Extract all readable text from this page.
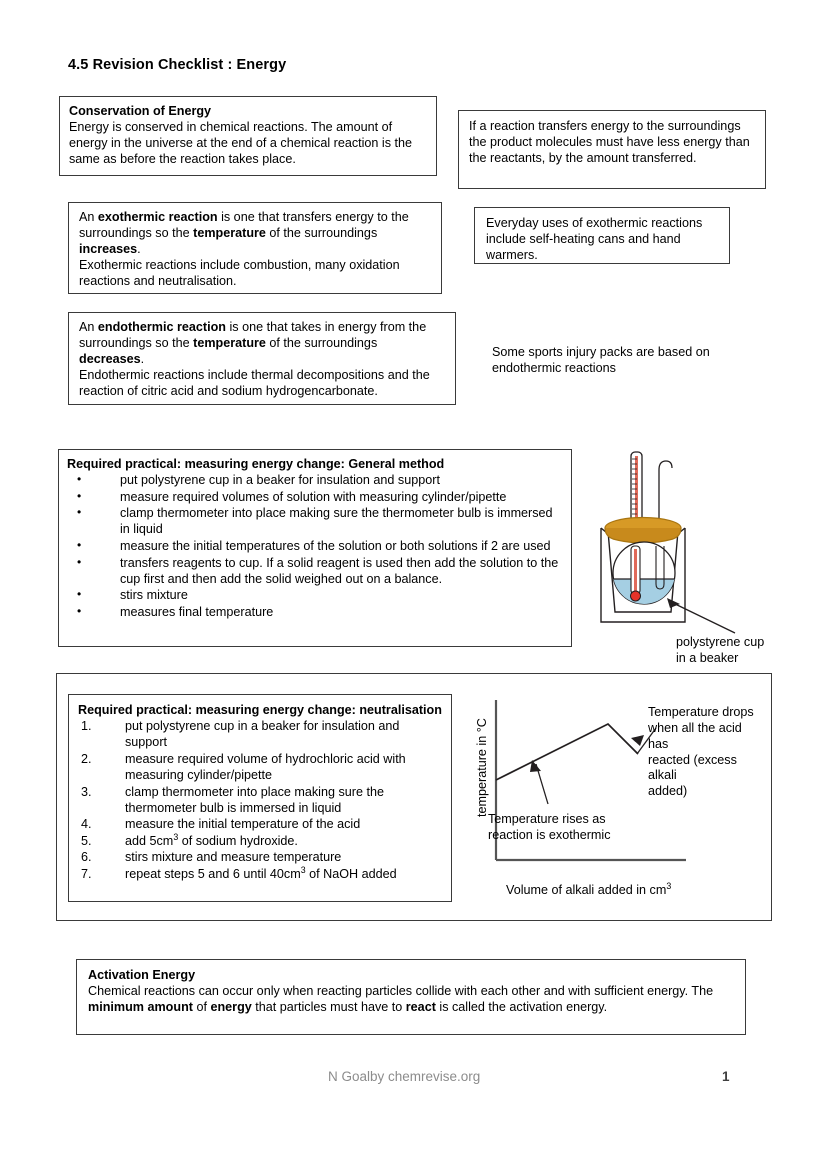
4.5 Revision Checklist : Energy
Conservation of Energy
Energy is conserved in chemical reactions. The amount of energy in the universe at the end of a chemical reaction is the same as before the reaction takes place.
If a reaction transfers energy to the surroundings the product molecules must have less energy than the reactants, by the amount transferred.
An exothermic reaction is one that transfers energy to the surroundings so the temperature of the surroundings increases.
Exothermic reactions include combustion, many oxidation reactions and neutralisation.
Everyday uses of exothermic reactions include self-heating cans and hand warmers.
An endothermic reaction is one that takes in energy from the surroundings so the temperature of the surroundings decreases.
Endothermic reactions include thermal decompositions and the reaction of citric acid and sodium hydrogencarbonate.
Some sports injury packs are based on endothermic reactions
Required practical: measuring energy change: General method
•	put polystyrene cup in a beaker for insulation and support
•	measure required volumes of solution with measuring cylinder/pipette
•	clamp thermometer into place making sure the thermometer bulb is immersed in liquid
•	measure the initial temperatures of the solution or both solutions if 2 are used
•	transfers reagents to cup. If a solid reagent is used then add the solution to the cup first and then add the solid weighed out on a balance.
•	stirs mixture
•	measures final temperature
polystyrene cup
in a beaker
Required practical: measuring energy change: neutralisation
1.	put polystyrene cup in a beaker for insulation and support
2.	measure required volume of hydrochloric acid with measuring cylinder/pipette
3.	clamp thermometer into place making sure the thermometer bulb is immersed in liquid
4.	measure the initial temperature of the acid
5.	add $5cm^3$ of sodium hydroxide.
6.	stirs mixture and measure temperature
7.	repeat steps 5 and 6 until $40cm^3$ of NaOH added
temperature in °C
Temperature drops
when all the acid has
reacted (excess alkali
added)
Temperature rises as
reaction is exothermic
Volume of alkali added in $cm^3$
Activation Energy
Chemical reactions can occur only when reacting particles collide with each other and with sufficient energy. The minimum amount of energy that particles must have to react is called the activation energy.
N Goalby chemrevise.org	1
